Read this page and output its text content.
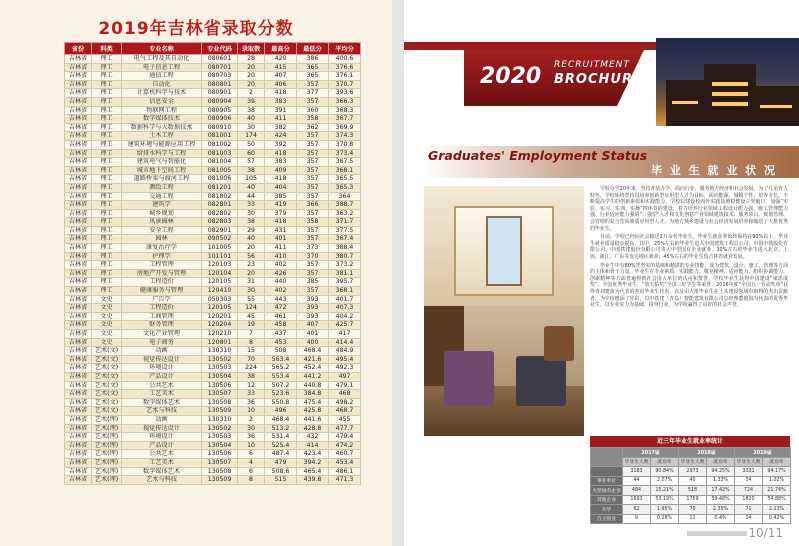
2019年吉林省录取分数
省份	科类	专业名称	专业代码	录取数	最高分	最低分	平均分
吉林省	理工	电气工程及其自动化	080601	28	420	386	400.6
吉林省	理工	电子信息工程	080701	20	415	365	376.6
吉林省	理工	通信工程	080703	20	407	365	376.1
吉林省	理工	自动化	080801	20	406	357	370.7
吉林省	理工	计算机科学与技术	080901	2	418	377	393.6
吉林省	理工	信息安全	080904	39	383	357	366.3
吉林省	理工	物联网工程	080905	38	391	360	368.3
吉林省	理工	数字媒体技术	080906	40	411	358	367.7
吉林省	理工	数据科学与大数据技术	080910	30	382	362	369.9
吉林省	理工	土木工程	081001	174	424	357	374.3
吉林省	理工	建筑环境与能源应用工程	081002	50	392	357	370.8
吉林省	理工	给排水科学与工程	081003	60	418	357	373.4
吉林省	理工	建筑电气与智能化	081004	57	383	357	367.5
吉林省	理工	城市地下空间工程	081005	38	409	357	368.1
吉林省	理工	道路桥梁与渡河工程	081006	105	418	357	365.5
吉林省	理工	测绘工程	081201	40	404	357	365.3
吉林省	理工	交通工程	081802	44	385	357	364
吉林省	理工	建筑学	082801	33	419	366	388.7
吉林省	理工	城乡规划	082802	30	379	357	363.2
吉林省	理工	风景园林	082803	38	418	358	371.7
吉林省	理工	安全工程	082901	29	431	357	377.5
吉林省	理工	园林	090502	40	401	357	367.4
吉林省	理工	康复治疗学	101005	20	411	373	388.4
吉林省	理工	护理学	101101	56	410	370	380.7
吉林省	理工	工程管理	120103	23	402	357	373.2
吉林省	理工	房地产开发与管理	120104	20	426	357	381.1
吉林省	理工	工程造价	120105	31	440	385	395.7
吉林省	理工	健康服务与管理	120410	30	402	357	368.1
吉林省	文史	广告学	050303	55	443	393	401.7
吉林省	文史	工程造价	120105	124	472	393	407.3
吉林省	文史	工商管理	120201	45	461	393	404.2
吉林省	文史	财务管理	120204	19	458	407	425.7
吉林省	文史	文化产业管理	120210	7	437	401	417
吉林省	文史	电子商务	120801	8	453	400	414.4
吉林省	艺术(文)	动画	130310	15	508	468.4	484.9
吉林省	艺术(文)	视觉传达设计	130502	70	563.4	421.6	495.4
吉林省	艺术(文)	环境设计	130503	224	565.2	452.4	492.3
吉林省	艺术(文)	产品设计	130504	38	553.4	441.2	497
吉林省	艺术(文)	公共艺术	130506	12	507.2	440.8	479.1
吉林省	艺术(文)	工艺美术	130507	33	523.6	384.8	468
吉林省	艺术(文)	数字媒体艺术	130508	36	550.8	475.4	498.2
吉林省	艺术(文)	艺术与科技	130509	10	496	425.8	468.7
吉林省	艺术(理)	动画	130310	2	468.4	441.6	455
吉林省	艺术(理)	视觉传达设计	130502	30	513.2	428.8	477.7
吉林省	艺术(理)	环境设计	130503	36	531.4	432	479.4
吉林省	艺术(理)	产品设计	130504	10	525.4	414	474.2
吉林省	艺术(理)	公共艺术	130506	6	487.4	423.4	460.7
吉林省	艺术(理)	工艺美术	130507	4	479	394.2	453.4
吉林省	艺术(理)	数字媒体艺术	130508	6	508.6	465.4	486.1
吉林省	艺术(理)	艺术与科技	130509	8	515	439.8	471.3
2020 RECRUITMENT
BROCHURE
Graduates' Employment Status
毕 业 生 就 业 状 况

学校办学20年来，坚持开放办学、面向行业、服务地方经济和社会发展，为了几星育人特色，学校始终坚持以培养创新型应用型人才为目标，面向能源、城镇个性、培养专长，不断提高学生的创新素质和实践能力。学校以建设校内外实践基地稳健设立突破口，加强“实验、实习、实训、实操”四环节的建设，着力培养行业领域工程设计能力强、施工管理能力强、行业适应能力强的“三强型”人才和文化创意产业领域建筑技术、服务项目、规划管理、会管理的复合型高素质应用型人才。为地方城乡建设与社会经济发展培养和输送了大批优秀的毕业生。

目前，学校已经向社会输送2万余名毕业生。毕业生就业率始终保持在90%以上，毕业生就业质量稳步提高，其中，25%左右的毕业生进入中国建筑工程总公司、中国中铁股份有限公司、中国铁建股份有限公司等大中型国有企业就业，30%左右的毕业生进入北京、上海、浙江、广东等发达地区就业；45%左右的毕业生留吉林省就业发展。

毕业生中有80%凭坚实的基础和精湛的专业技能，成为建筑、设计、施工、管理等方面的主体和骨干力量。毕业生在专业素质、实践能力、敬业精神、适应能力、组织协调能力、创新精神等方面普遍得到社会用人单位的认可和赞誉。学校毕业生获得中国建设“梁思成奖”、全国优秀毕业生、“詹天佑奖”全国三好学生等荣誉。2016年度“全国五一劳动奖章”获得者刘建波为代表的杰出毕业生代表，以及由大批毕业生在土木建设领域中取得的杰出贡献者，为学校增添了光彩。以中铁建（青岛）智能建筑有限公司总经理董俊海为代表的优秀毕业生，以专业实力为基础，投身行业，为学校赢得了良好的社会声誉。

近三年毕业生就业率统计
	2017届		2018届		2019届	
	毕业生人数	就业率	毕业生人数	就业率	毕业生人数	就业率
	3183	90.84%	2973	94.25%	3331	94.17%
事业单位	44	2.07%	40	1.33%	34	1.02%
大型国有企业	484	15.21%	518	17.42%	724	21.74%
其他企业	1693	53.19%	1759	59.48%	1820	54.88%
升学	62	1.95%	70	2.35%	71	2.13%
自主创业	9	0.28%	11	0.4%	14	0.42%
10/11
